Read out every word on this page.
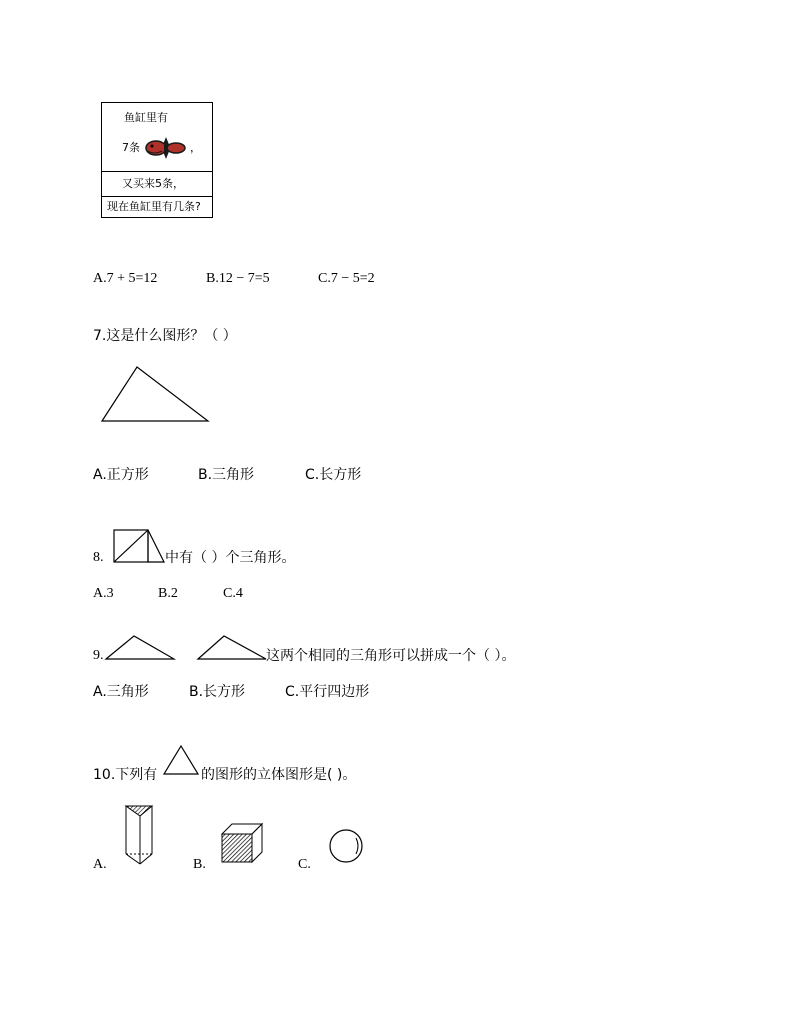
鱼缸里有
7条	，
又买来5条，
现在鱼缸里有几条?
A.7 + 5=12	B.12 − 7=5	C.7 − 5=2
7.这是什么图形？（ ）
A.正方形	B.三角形	C.长方形
8.	中有（ ）个三角形。
A.3	B.2	C.4
9.	这两个相同的三角形可以拼成一个（ ）。
A.三角形	B.长方形	C.平行四边形
10.下列有	的图形的立体图形是( )。
A.	B.	C.
